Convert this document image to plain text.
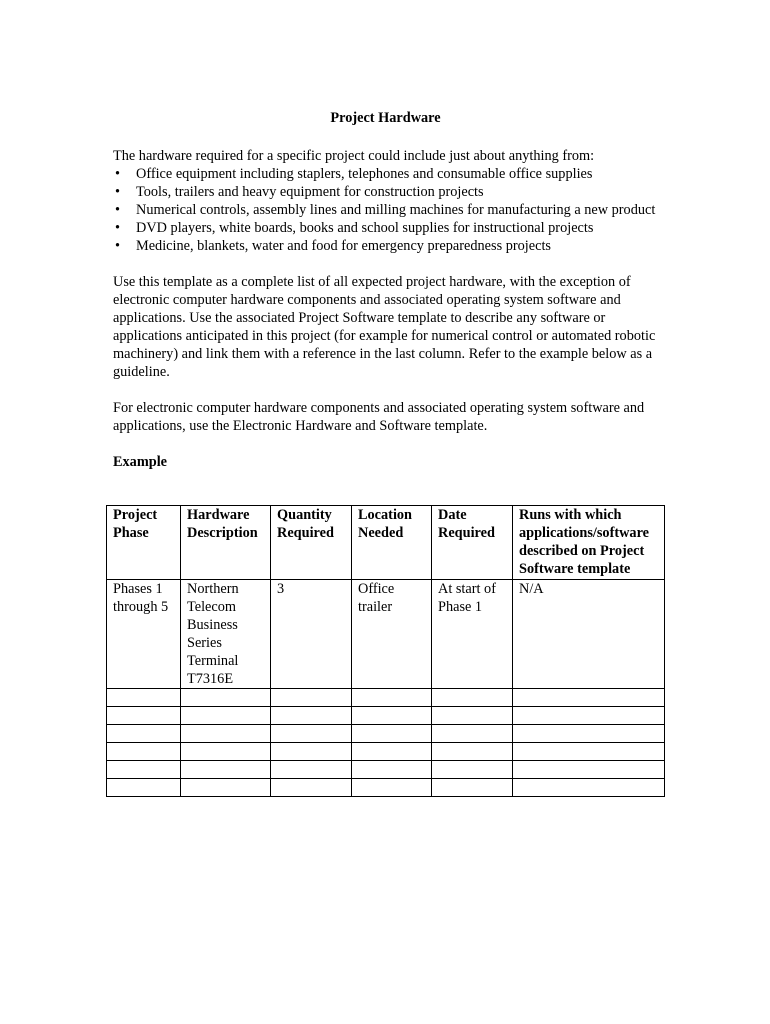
Project Hardware

The hardware required for a specific project could include just about anything from:

• Office equipment including staplers, telephones and consumable office supplies
• Tools, trailers and heavy equipment for construction projects
• Numerical controls, assembly lines and milling machines for manufacturing a new product
• DVD players, white boards, books and school supplies for instructional projects
• Medicine, blankets, water and food for emergency preparedness projects

Use this template as a complete list of all expected project hardware, with the exception of electronic computer hardware components and associated operating system software and applications. Use the associated Project Software template to describe any software or applications anticipated in this project (for example for numerical control or automated robotic machinery) and link them with a reference in the last column. Refer to the example below as a guideline.

For electronic computer hardware components and associated operating system software and applications, use the Electronic Hardware and Software template.

Example
Project Phase	Hardware Description	Quantity Required	Location Needed	Date Required	Runs with which applications/software described on Project Software template
Phases 1 through 5	Northern Telecom Business Series Terminal T7316E	3	Office trailer	At start of Phase 1	N/A
